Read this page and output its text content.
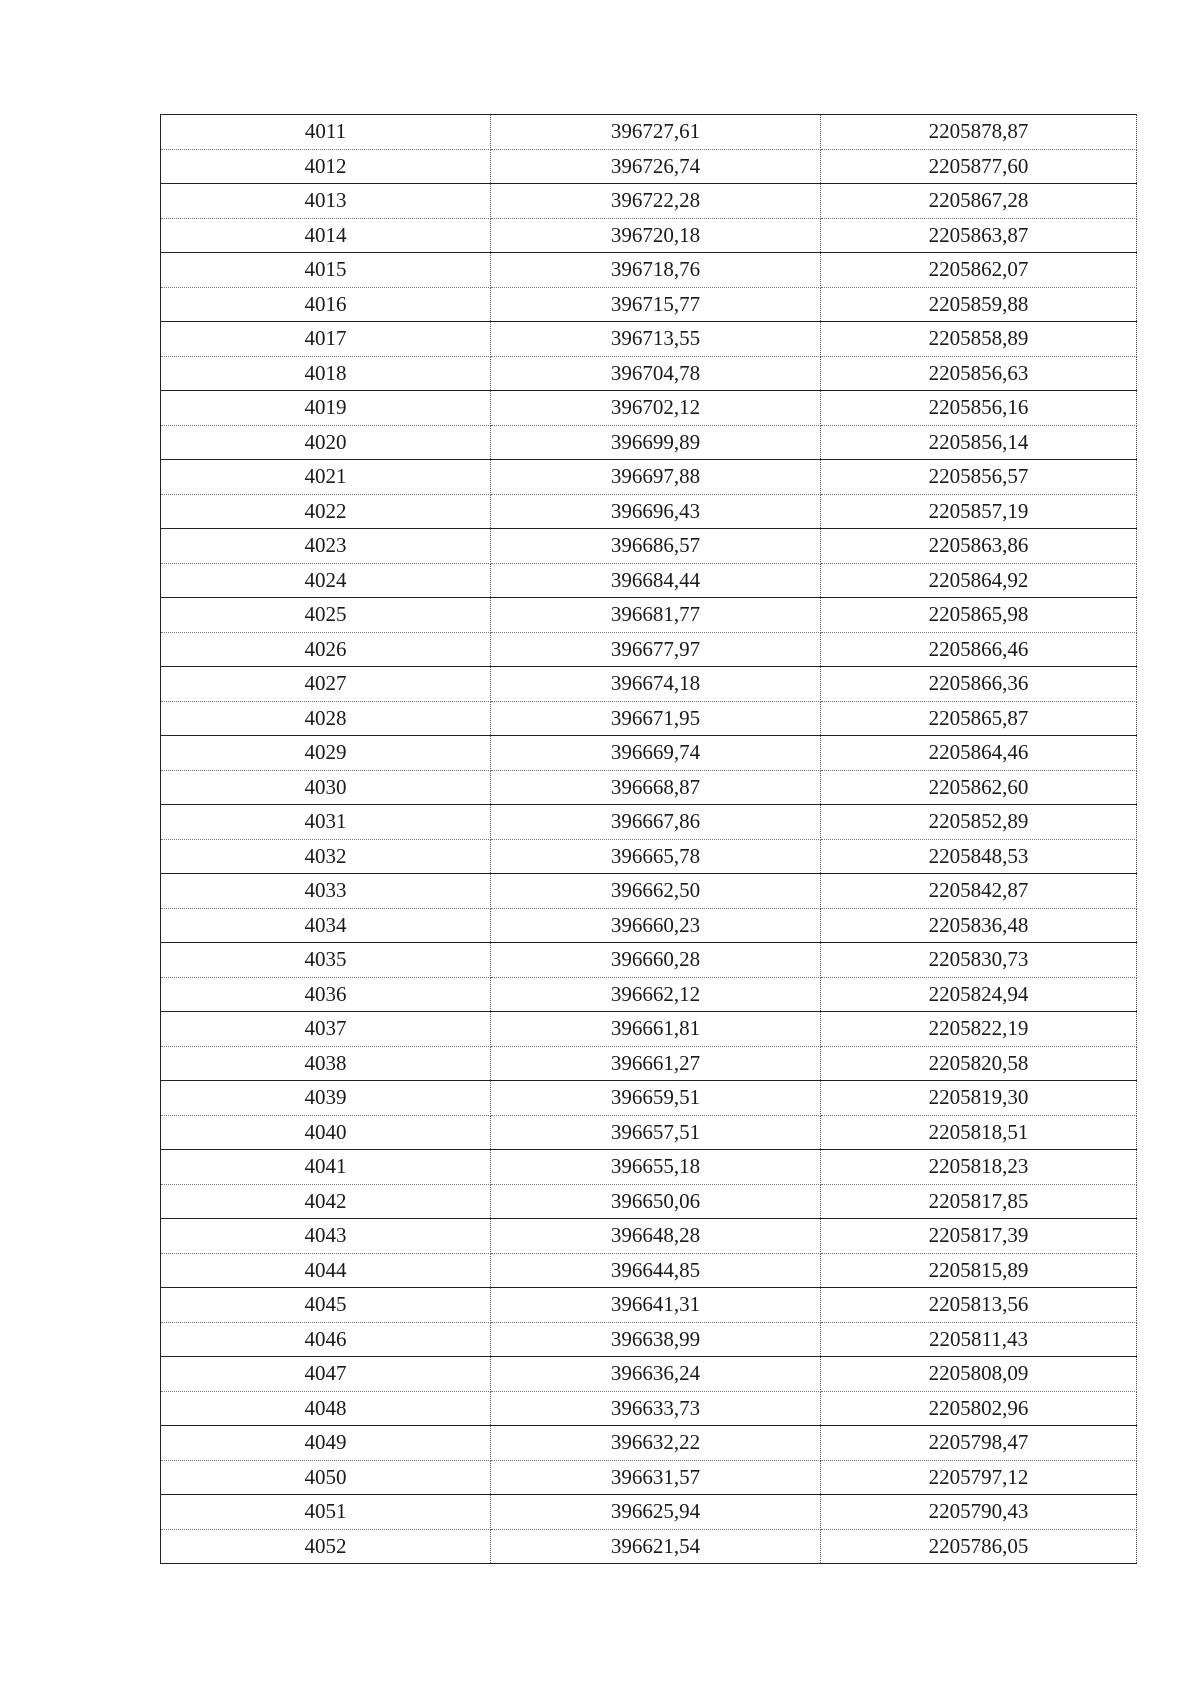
4011	396727,61	2205878,87
4012	396726,74	2205877,60
4013	396722,28	2205867,28
4014	396720,18	2205863,87
4015	396718,76	2205862,07
4016	396715,77	2205859,88
4017	396713,55	2205858,89
4018	396704,78	2205856,63
4019	396702,12	2205856,16
4020	396699,89	2205856,14
4021	396697,88	2205856,57
4022	396696,43	2205857,19
4023	396686,57	2205863,86
4024	396684,44	2205864,92
4025	396681,77	2205865,98
4026	396677,97	2205866,46
4027	396674,18	2205866,36
4028	396671,95	2205865,87
4029	396669,74	2205864,46
4030	396668,87	2205862,60
4031	396667,86	2205852,89
4032	396665,78	2205848,53
4033	396662,50	2205842,87
4034	396660,23	2205836,48
4035	396660,28	2205830,73
4036	396662,12	2205824,94
4037	396661,81	2205822,19
4038	396661,27	2205820,58
4039	396659,51	2205819,30
4040	396657,51	2205818,51
4041	396655,18	2205818,23
4042	396650,06	2205817,85
4043	396648,28	2205817,39
4044	396644,85	2205815,89
4045	396641,31	2205813,56
4046	396638,99	2205811,43
4047	396636,24	2205808,09
4048	396633,73	2205802,96
4049	396632,22	2205798,47
4050	396631,57	2205797,12
4051	396625,94	2205790,43
4052	396621,54	2205786,05
